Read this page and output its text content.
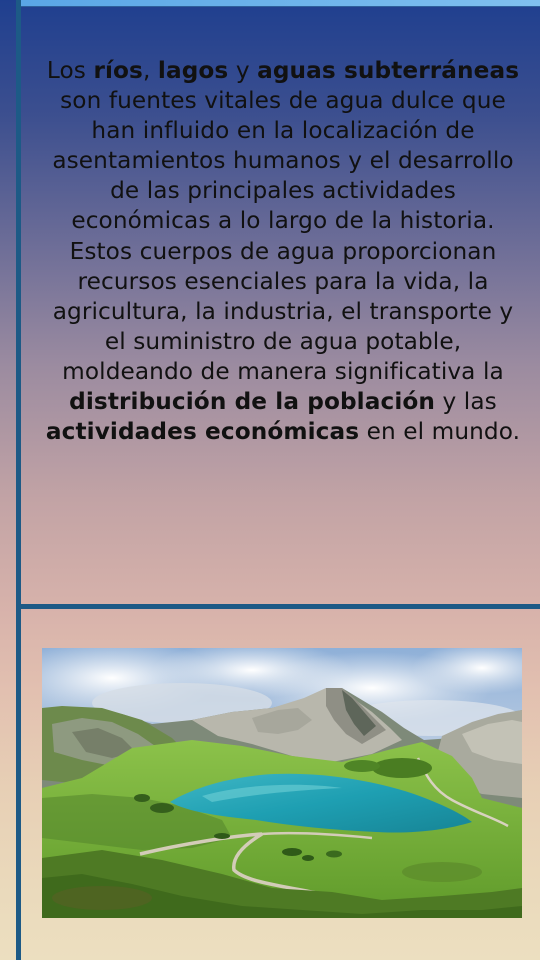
Los ríos, lagos y aguas subterráneas son fuentes vitales de agua dulce que han influido en la localización de asentamientos humanos y el desarrollo de las principales actividades económicas a lo largo de la historia. Estos cuerpos de agua proporcionan recursos esenciales para la vida, la agricultura, la industria, el transporte y el suministro de agua potable, moldeando de manera significativa la distribución de la población y las actividades económicas en el mundo.
